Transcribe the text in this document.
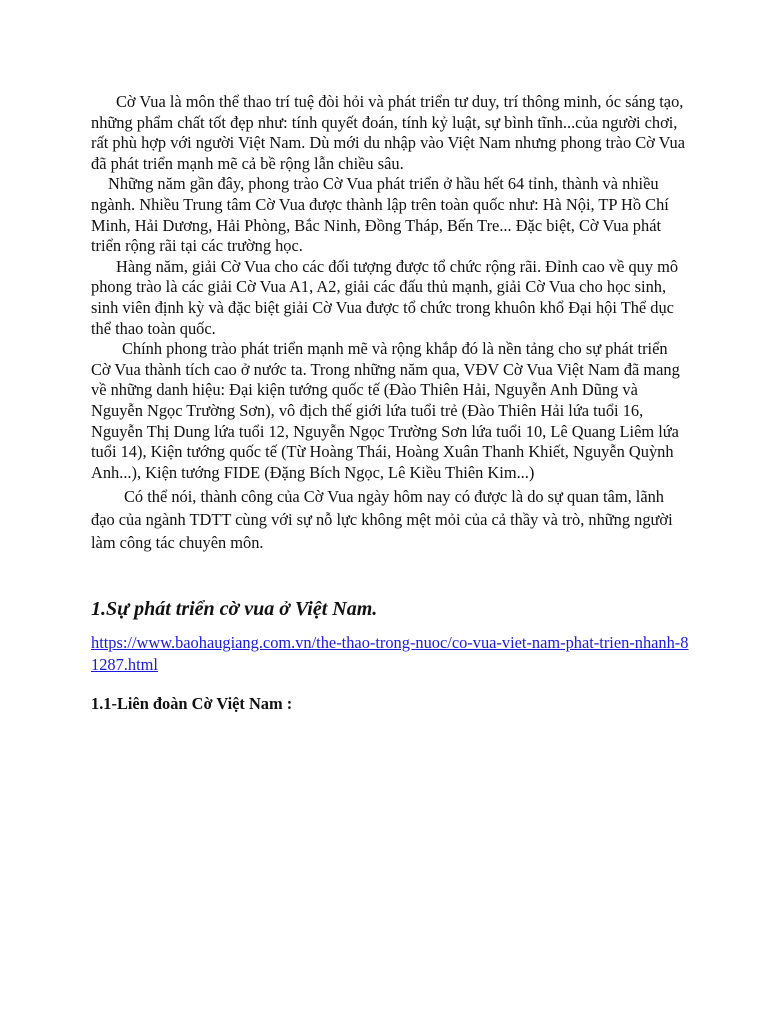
Cờ Vua là môn thể thao trí tuệ đòi hỏi và phát triển tư duy, trí thông minh, óc sáng tạo, những phẩm chất tốt đẹp như: tính quyết đoán, tính kỷ luật, sự bình tĩnh...của người chơi, rất phù hợp với người Việt Nam. Dù mới du nhập vào Việt Nam nhưng phong trào Cờ Vua đã phát triển mạnh mẽ cả bề rộng lẫn chiều sâu.

Những năm gần đây, phong trào Cờ Vua phát triển ở hầu hết 64 tỉnh, thành và nhiều ngành. Nhiều Trung tâm Cờ Vua được thành lập trên toàn quốc như: Hà Nội, TP Hồ Chí Minh, Hải Dương, Hải Phòng, Bắc Ninh, Đồng Tháp, Bến Tre... Đặc biệt, Cờ Vua phát triển rộng rãi tại các trường học.

Hàng năm, giải Cờ Vua cho các đối tượng được tổ chức rộng rãi. Đỉnh cao về quy mô phong trào là các giải Cờ Vua A1, A2, giải các đấu thủ mạnh, giải Cờ Vua cho học sinh, sinh viên định kỳ và đặc biệt giải Cờ Vua được tổ chức trong khuôn khổ Đại hội Thể dục thể thao toàn quốc.

Chính phong trào phát triển mạnh mẽ và rộng khắp đó là nền tảng cho sự phát triển Cờ Vua thành tích cao ở nước ta. Trong những năm qua, VĐV Cờ Vua Việt Nam đã mang về những danh hiệu: Đại kiện tướng quốc tế (Đào Thiên Hải, Nguyễn Anh Dũng và Nguyễn Ngọc Trường Sơn), vô địch thế giới lứa tuổi trẻ (Đào Thiên Hải lứa tuổi 16, Nguyễn Thị Dung lứa tuổi 12, Nguyễn Ngọc Trường Sơn lứa tuổi 10, Lê Quang Liêm lứa tuổi 14), Kiện tướng quốc tế (Từ Hoàng Thái, Hoàng Xuân Thanh Khiết, Nguyễn Quỳnh Anh...), Kiện tướng FIDE (Đặng Bích Ngọc, Lê Kiều Thiên Kim...)

Có thể nói, thành công của Cờ Vua ngày hôm nay có được là do sự quan tâm, lãnh đạo của ngành TDTT cùng với sự nỗ lực không mệt mỏi của cả thầy và trò, những người làm công tác chuyên môn.

1.Sự phát triển cờ vua ở Việt Nam.
https://www.baohaugiang.com.vn/the-thao-trong-nuoc/co-vua-viet-nam-phat-trien-nhanh-81287.html
1.1-Liên đoàn Cờ Việt Nam :
